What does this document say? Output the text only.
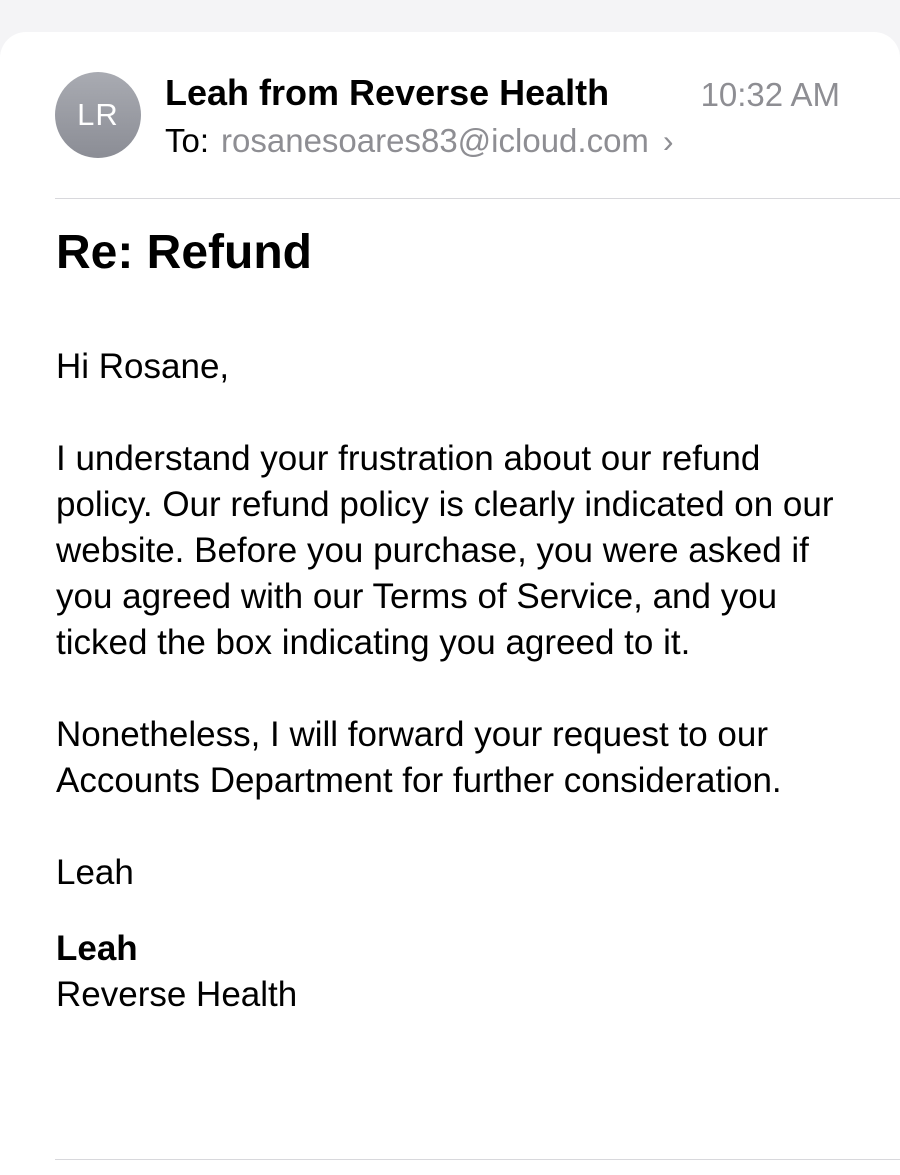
LR
Leah from Reverse Health	10:32 AM
To: rosanesoares83@icloud.com ›
Re: Refund

Hi Rosane,

I understand your frustration about our refund policy. Our refund policy is clearly indicated on our website. Before you purchase, you were asked if you agreed with our Terms of Service, and you ticked the box indicating you agreed to it.

Nonetheless, I will forward your request to our Accounts Department for further consideration.

Leah

Leah

Reverse Health
